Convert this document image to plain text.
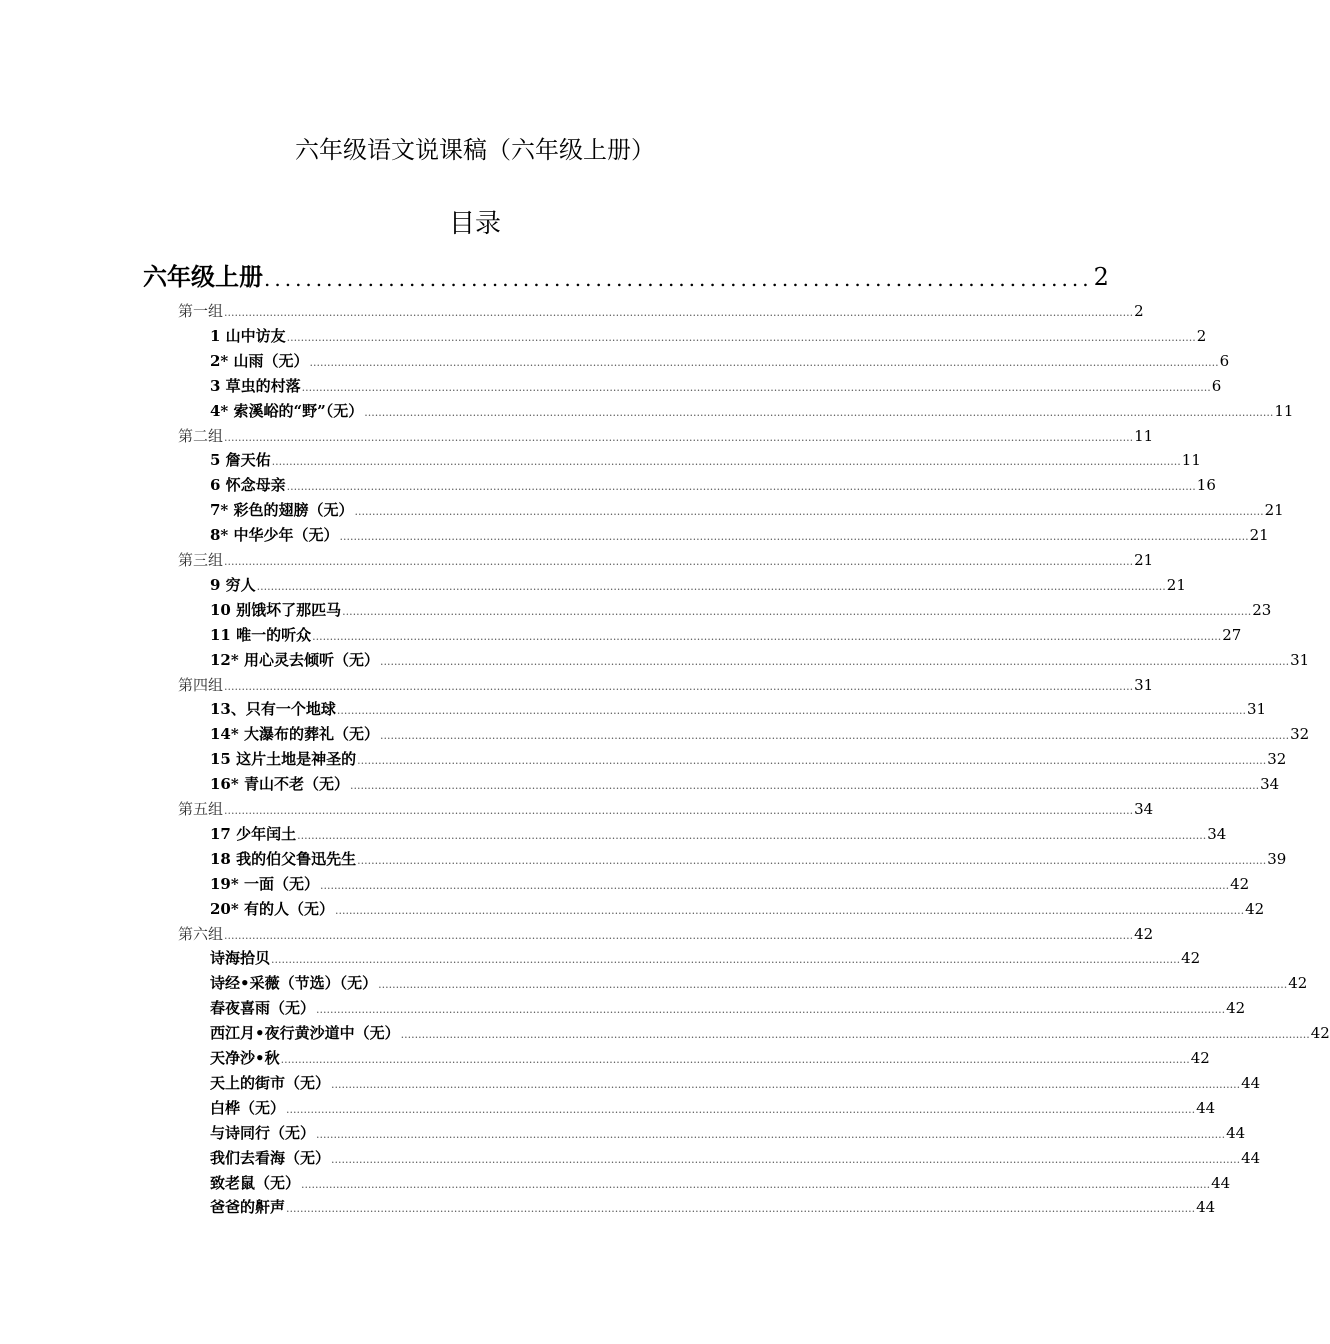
六年级语文说课稿（六年级上册）
目录
六年级上册 ................................................................................ 2
第一组 .................................................................................................................................................................................................................................................................... 2
1 山中访友 .................................................................................................................................................................................................................................................................... 2
2* 山雨（无） .................................................................................................................................................................................................................................................................... 6
3 草虫的村落 .................................................................................................................................................................................................................................................................... 6
4* 索溪峪的“野”（无） .................................................................................................................................................................................................................................................................... 11
第二组 .................................................................................................................................................................................................................................................................... 11
5 詹天佑 .................................................................................................................................................................................................................................................................... 11
6 怀念母亲 .................................................................................................................................................................................................................................................................... 16
7* 彩色的翅膀（无） .................................................................................................................................................................................................................................................................... 21
8* 中华少年（无） .................................................................................................................................................................................................................................................................... 21
第三组 .................................................................................................................................................................................................................................................................... 21
9 穷人 .................................................................................................................................................................................................................................................................... 21
10 别饿坏了那匹马 .................................................................................................................................................................................................................................................................... 23
11 唯一的听众 .................................................................................................................................................................................................................................................................... 27
12* 用心灵去倾听（无） .................................................................................................................................................................................................................................................................... 31
第四组 .................................................................................................................................................................................................................................................................... 31
13、只有一个地球 .................................................................................................................................................................................................................................................................... 31
14* 大瀑布的葬礼（无） .................................................................................................................................................................................................................................................................... 32
15 这片土地是神圣的 .................................................................................................................................................................................................................................................................... 32
16* 青山不老（无） .................................................................................................................................................................................................................................................................... 34
第五组 .................................................................................................................................................................................................................................................................... 34
17 少年闰土 .................................................................................................................................................................................................................................................................... 34
18 我的伯父鲁迅先生 .................................................................................................................................................................................................................................................................... 39
19* 一面（无） .................................................................................................................................................................................................................................................................... 42
20* 有的人（无） .................................................................................................................................................................................................................................................................... 42
第六组 .................................................................................................................................................................................................................................................................... 42
诗海拾贝 .................................................................................................................................................................................................................................................................... 42
诗经•采薇（节选）（无） .................................................................................................................................................................................................................................................................... 42
春夜喜雨（无） .................................................................................................................................................................................................................................................................... 42
西江月•夜行黄沙道中（无） .................................................................................................................................................................................................................................................................... 42
天净沙•秋 .................................................................................................................................................................................................................................................................... 42
天上的街市（无） .................................................................................................................................................................................................................................................................... 44
白桦（无） .................................................................................................................................................................................................................................................................... 44
与诗同行（无） .................................................................................................................................................................................................................................................................... 44
我们去看海（无） .................................................................................................................................................................................................................................................................... 44
致老鼠（无） .................................................................................................................................................................................................................................................................... 44
爸爸的鼾声 .................................................................................................................................................................................................................................................................... 44
